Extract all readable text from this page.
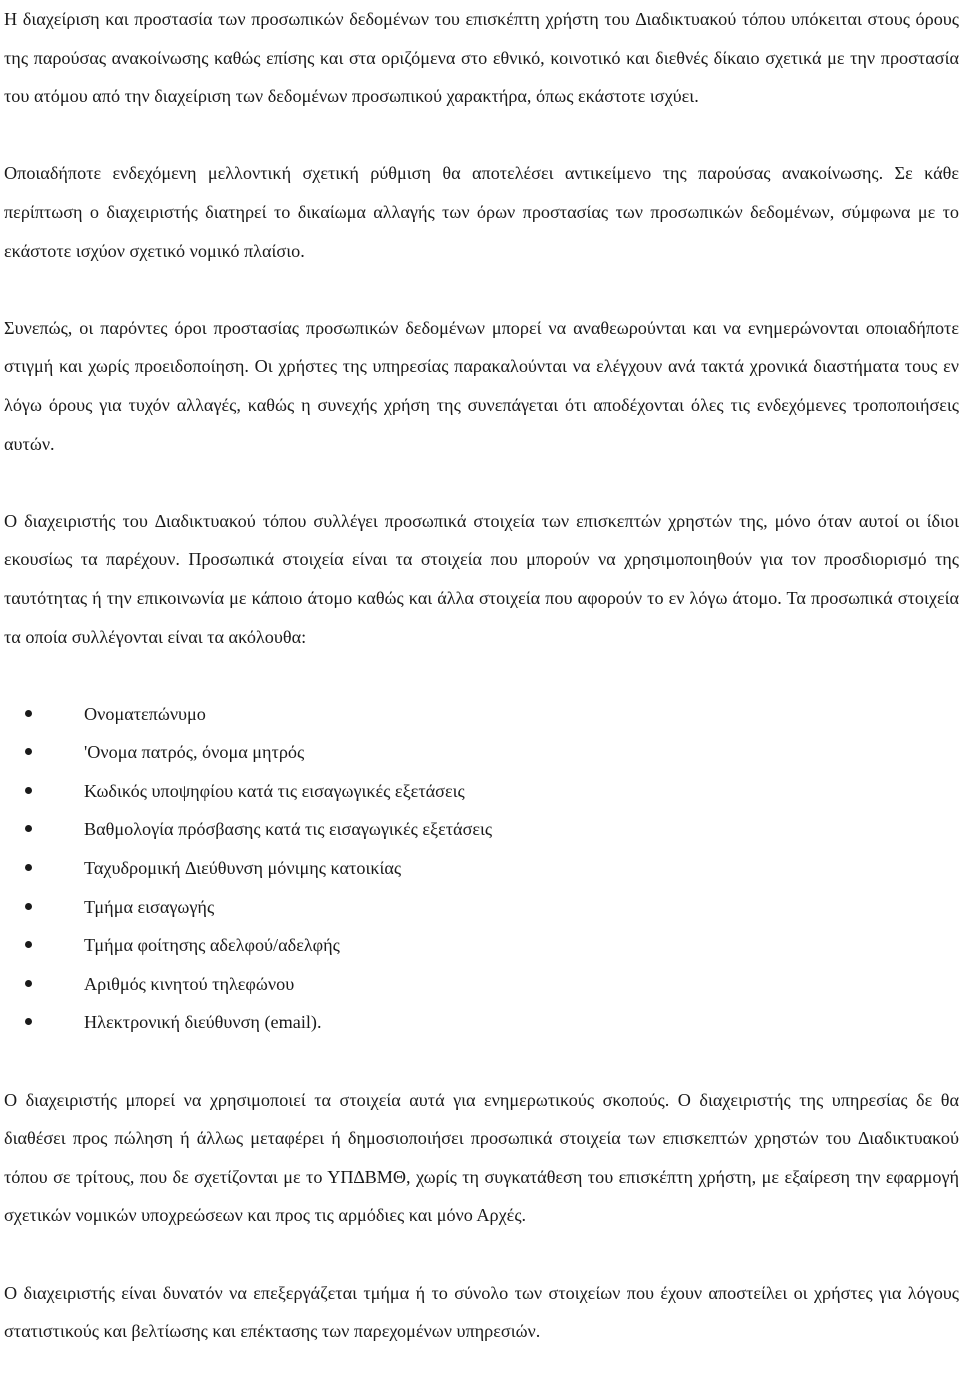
Η διαχείριση και προστασία των προσωπικών δεδομένων του επισκέπτη χρήστη του ∆ιαδικτυακού τόπου υπόκειται στους όρους της παρούσας ανακοίνωσης καθώς επίσης και στα οριζόμενα στο εθνικό, κοινοτικό και διεθνές δίκαιο σχετικά με την προστασία του ατόμου από την διαχείριση των δεδομένων προσωπικού χαρακτήρα, όπως εκάστοτε ισχύει.

Οποιαδήποτε ενδεχόμενη μελλοντική σχετική ρύθμιση θα αποτελέσει αντικείμενο της παρούσας ανακοίνωσης. Σε κάθε περίπτωση ο διαχειριστής διατηρεί το δικαίωμα αλλαγής των όρων προστασίας των προσωπικών δεδομένων, σύμφωνα με το εκάστοτε ισχύον σχετικό νομικό πλαίσιο.

Συνεπώς, οι παρόντες όροι προστασίας προσωπικών δεδομένων μπορεί να αναθεωρούνται και να ενημερώνονται οποιαδήποτε στιγμή και χωρίς προειδοποίηση. Οι χρήστες της υπηρεσίας παρακαλούνται να ελέγχουν ανά τακτά χρονικά διαστήματα τους εν λόγω όρους για τυχόν αλλαγές, καθώς η συνεχής χρήση της συνεπάγεται ότι αποδέχονται όλες τις ενδεχόμενες τροποποιήσεις αυτών.

Ο διαχειριστής του ∆ιαδικτυακού τόπου συλλέγει προσωπικά στοιχεία των επισκεπτών χρηστών της, μόνο όταν αυτοί οι ίδιοι εκουσίως τα παρέχουν. Προσωπικά στοιχεία είναι τα στοιχεία που μπορούν να χρησιμοποιηθούν για τον προσδιορισμό της ταυτότητας ή την επικοινωνία με κάποιο άτομο καθώς και άλλα στοιχεία που αφορούν το εν λόγω άτομο. Τα προσωπικά στοιχεία τα οποία συλλέγονται είναι τα ακόλουθα:

Ονοματεπώνυμο
'Ονομα πατρός, όνομα μητρός
Κωδικός υποψηφίου κατά τις εισαγωγικές εξετάσεις
Βαθμολογία πρόσβασης κατά τις εισαγωγικές εξετάσεις
Ταχυδρομική ∆ιεύθυνση μόνιμης κατοικίας
Τμήμα εισαγωγής
Τμήμα φοίτησης αδελφού/αδελφής
Αριθμός κινητού τηλεφώνου
Ηλεκτρονική διεύθυνση (email).

Ο διαχειριστής μπορεί να χρησιμοποιεί τα στοιχεία αυτά για ενημερωτικούς σκοπούς. Ο διαχειριστής της υπηρεσίας δε θα διαθέσει προς πώληση ή άλλως μεταφέρει ή δημοσιοποιήσει προσωπικά στοιχεία των επισκεπτών χρηστών του ∆ιαδικτυακού τόπου σε τρίτους, που δε σχετίζονται με το ΥΠ∆ΒΜΘ, χωρίς τη συγκατάθεση του επισκέπτη χρήστη, με εξαίρεση την εφαρμογή σχετικών νομικών υποχρεώσεων και προς τις αρμόδιες και μόνο Αρχές.

Ο διαχειριστής είναι δυνατόν να επεξεργάζεται τμήμα ή το σύνολο των στοιχείων που έχουν αποστείλει οι χρήστες για λόγους στατιστικούς και βελτίωσης και επέκτασης των παρεχομένων υπηρεσιών.
